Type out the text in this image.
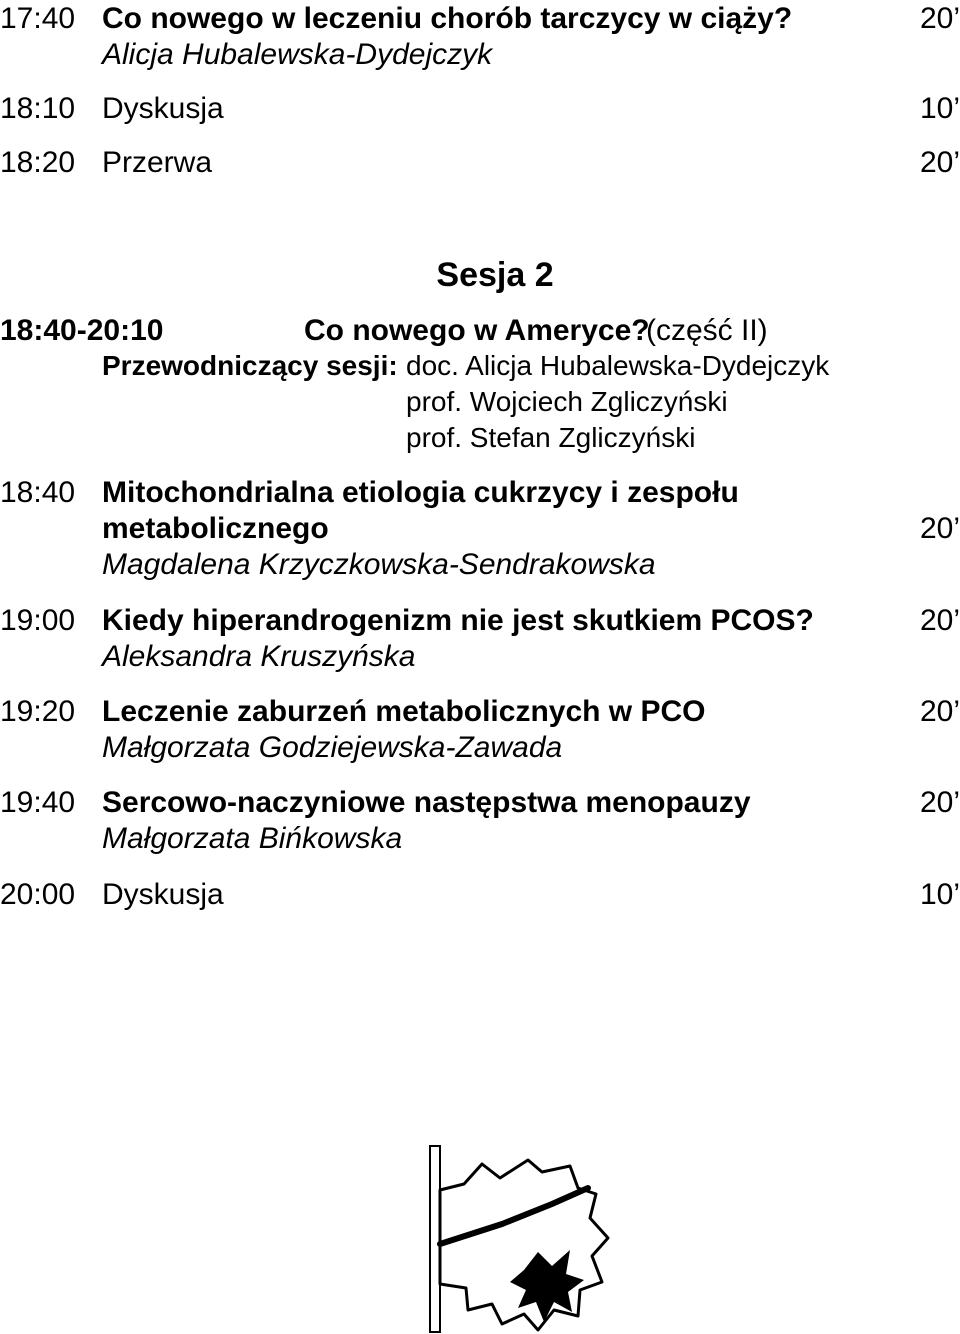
17:40 Co nowego w leczeniu chorób tarczycy w ciąży?	20’
Alicja Hubalewska-Dydejczyk
18:10 Dyskusja	10’
18:20 Przerwa	20’
Sesja 2
18:40-20:10	Co nowego w Ameryce?
(część II)
Przewodniczący sesji: doc. Alicja Hubalewska-Dydejczyk
prof. Wojciech Zgliczyński
prof. Stefan Zgliczyński
18:40 Mitochondrialna etiologia cukrzycy i zespołu
metabolicznego	20’
Magdalena Krzyczkowska-Sendrakowska
19:00 Kiedy hiperandrogenizm nie jest skutkiem PCOS?	20’
Aleksandra Kruszyńska
19:20 Leczenie zaburzeń metabolicznych w PCO	20’
Małgorzata Godziejewska-Zawada
19:40 Sercowo-naczyniowe następstwa menopauzy	20’
Małgorzata Bińkowska
20:00 Dyskusja	10’
